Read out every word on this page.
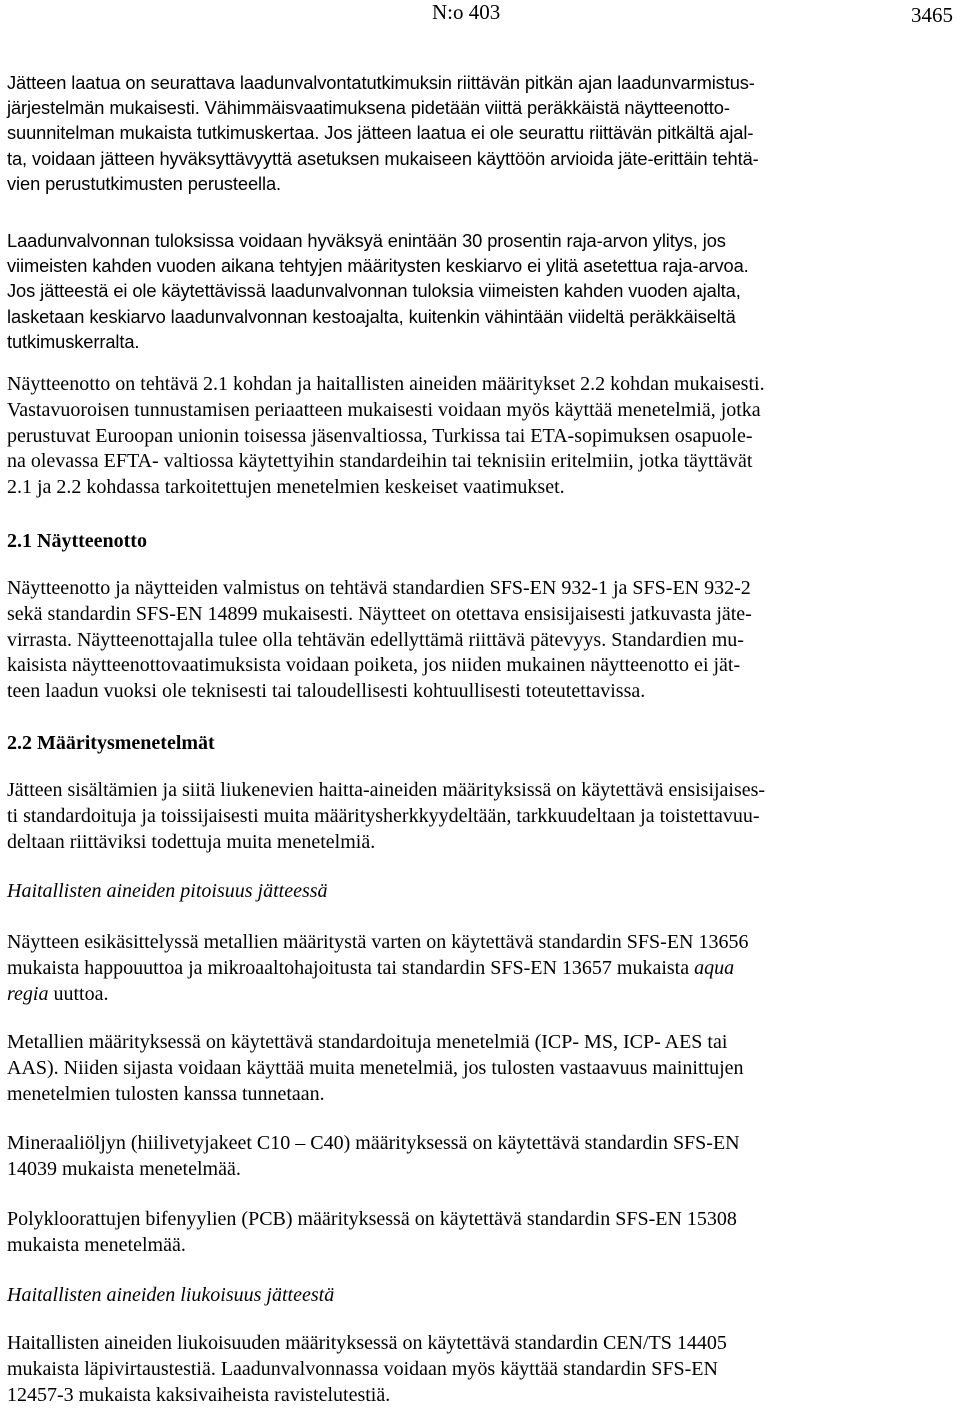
N:o 403	3465
Jätteen laatua on seurattava laadunvalvontatutkimuksin riittävän pitkän ajan laadunvarmistus-
järjestelmän mukaisesti. Vähimmäisvaatimuksena pidetään viittä peräkkäistä näytteenotto-
suunnitelman mukaista tutkimuskertaa. Jos jätteen laatua ei ole seurattu riittävän pitkältä ajal-
ta, voidaan jätteen hyväksyttävyyttä asetuksen mukaiseen käyttöön arvioida jäte-erittäin tehtä-
vien perustutkimusten perusteella.
Laadunvalvonnan tuloksissa voidaan hyväksyä enintään 30 prosentin raja-arvon ylitys, jos
viimeisten kahden vuoden aikana tehtyjen määritysten keskiarvo ei ylitä asetettua raja-arvoa.
Jos jätteestä ei ole käytettävissä laadunvalvonnan tuloksia viimeisten kahden vuoden ajalta,
lasketaan keskiarvo laadunvalvonnan kestoajalta, kuitenkin vähintään viideltä peräkkäiseltä
tutkimuskerralta.
Näytteenotto on tehtävä 2.1 kohdan ja haitallisten aineiden määritykset 2.2 kohdan mukaisesti.
Vastavuoroisen tunnustamisen periaatteen mukaisesti voidaan myös käyttää menetelmiä, jotka
perustuvat Euroopan unionin toisessa jäsenvaltiossa, Turkissa tai ETA-sopimuksen osapuole-
na olevassa EFTA- valtiossa käytettyihin standardeihin tai teknisiin eritelmiin, jotka täyttävät
2.1 ja 2.2 kohdassa tarkoitettujen menetelmien keskeiset vaatimukset.
2.1 Näytteenotto
Näytteenotto ja näytteiden valmistus on tehtävä standardien SFS-EN 932-1 ja SFS-EN 932-2
sekä standardin SFS-EN 14899 mukaisesti. Näytteet on otettava ensisijaisesti jatkuvasta jäte-
virrasta. Näytteenottajalla tulee olla tehtävän edellyttämä riittävä pätevyys. Standardien mu-
kaisista näytteenottovaatimuksista voidaan poiketa, jos niiden mukainen näytteenotto ei jät-
teen laadun vuoksi ole teknisesti tai taloudellisesti kohtuullisesti toteutettavissa.
2.2 Määritysmenetelmät
Jätteen sisältämien ja siitä liukenevien haitta-aineiden määrityksissä on käytettävä ensisijaises-
ti standardoituja ja toissijaisesti muita määritysherkkyydeltään, tarkkuudeltaan ja toistettavuu-
deltaan riittäviksi todettuja muita menetelmiä.
Haitallisten aineiden pitoisuus jätteessä
Näytteen esikäsittelyssä metallien määritystä varten on käytettävä standardin SFS-EN 13656
mukaista happouuttoa ja mikroaaltohajoitusta tai standardin SFS-EN 13657 mukaista aqua
regia uuttoa.
Metallien määrityksessä on käytettävä standardoituja menetelmiä (ICP- MS, ICP- AES tai
AAS). Niiden sijasta voidaan käyttää muita menetelmiä, jos tulosten vastaavuus mainittujen
menetelmien tulosten kanssa tunnetaan.
Mineraaliöljyn (hiilivetyjakeet C10 – C40) määrityksessä on käytettävä standardin SFS-EN
14039 mukaista menetelmää.
Polykloorattujen bifenyylien (PCB) määrityksessä on käytettävä standardin SFS-EN 15308
mukaista menetelmää.
Haitallisten aineiden liukoisuus jätteestä
Haitallisten aineiden liukoisuuden määrityksessä on käytettävä standardin CEN/TS 14405
mukaista läpivirtaustestiä. Laadunvalvonnassa voidaan myös käyttää standardin SFS-EN
12457-3 mukaista kaksivaiheista ravistelutestiä.
